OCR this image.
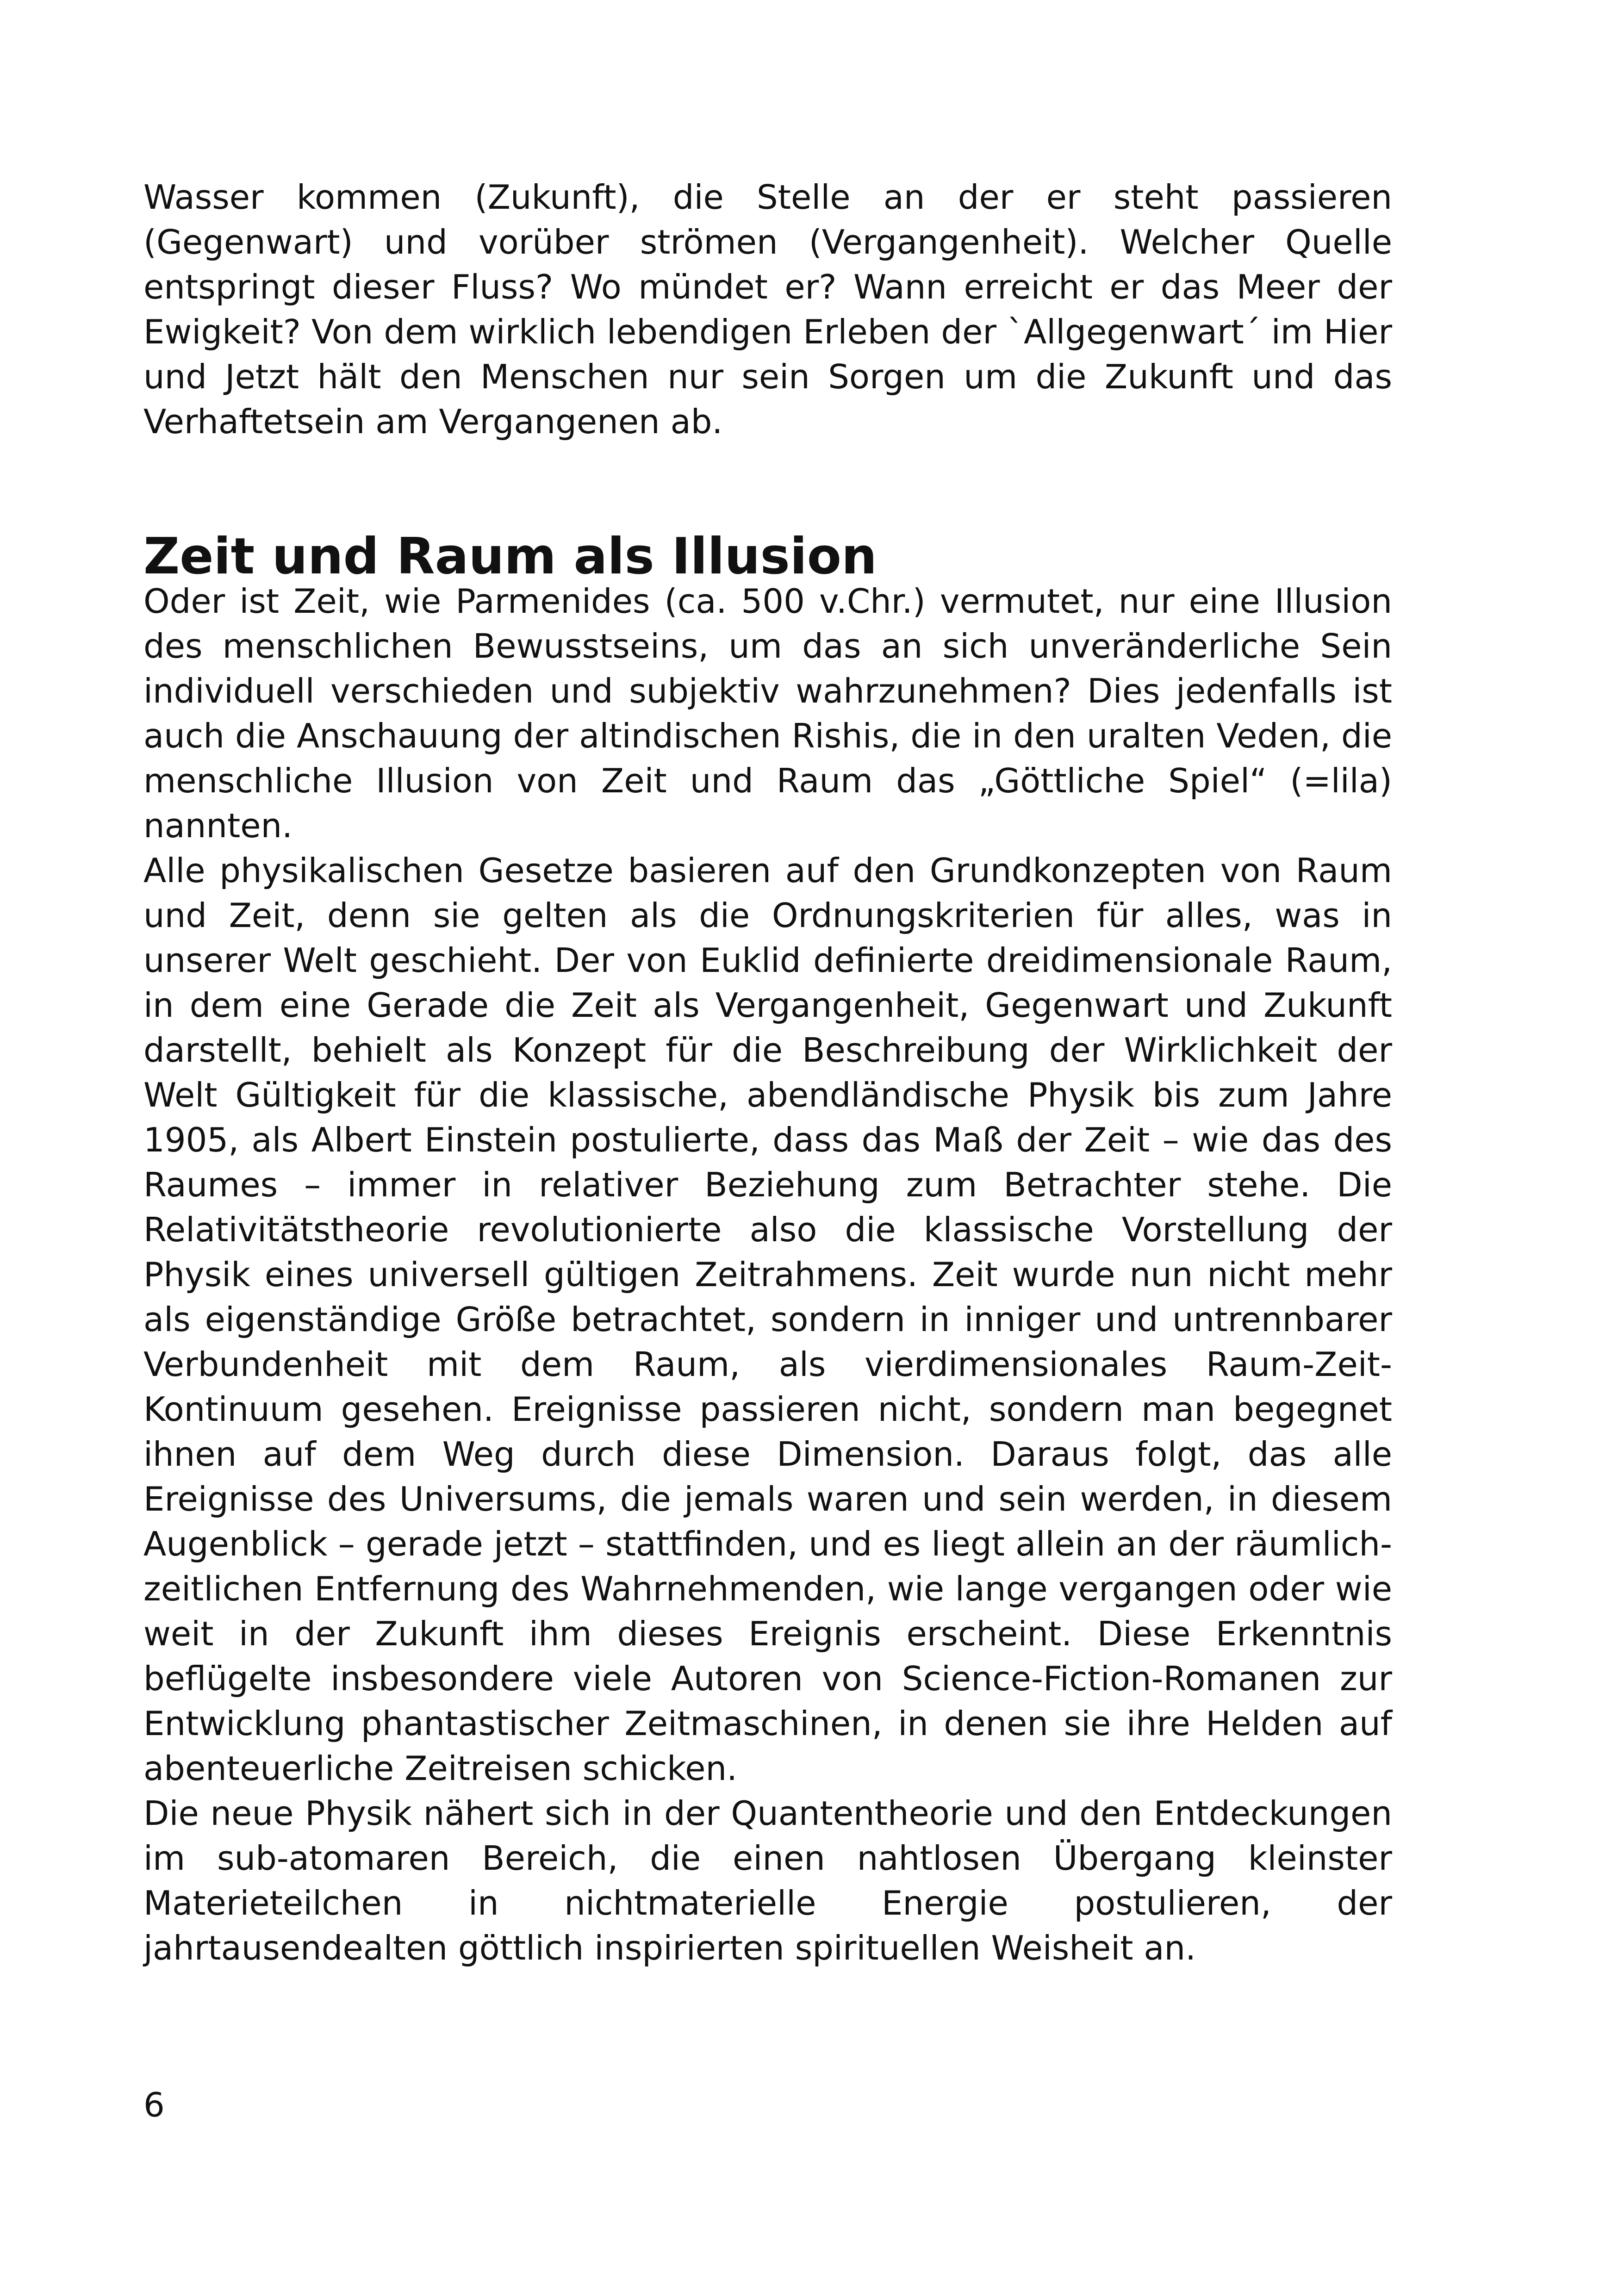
Wasser kommen (Zukunft), die Stelle an der er steht passieren (Gegenwart) und vorüber strömen (Vergangenheit). Welcher Quelle entspringt dieser Fluss? Wo mündet er? Wann erreicht er das Meer der Ewigkeit? Von dem wirklich lebendigen Erleben der `Allgegenwart´ im Hier und Jetzt hält den Menschen nur sein Sorgen um die Zukunft und das Verhaftetsein am Vergangenen ab.

Zeit und Raum als Illusion

Oder ist Zeit, wie Parmenides (ca. 500 v.Chr.) vermutet, nur eine Illusion des menschlichen Bewusstseins, um das an sich unveränderliche Sein individuell verschieden und subjektiv wahrzunehmen? Dies jedenfalls ist auch die Anschauung der altindischen Rishis, die in den uralten Veden, die menschliche Illusion von Zeit und Raum das „Göttliche Spiel“ (=lila) nannten.

Alle physikalischen Gesetze basieren auf den Grundkonzepten von Raum und Zeit, denn sie gelten als die Ordnungskriterien für alles, was in unserer Welt geschieht. Der von Euklid definierte dreidimensionale Raum, in dem eine Gerade die Zeit als Vergangenheit, Gegenwart und Zukunft darstellt, behielt als Konzept für die Beschreibung der Wirklichkeit der Welt Gültigkeit für die klassische, abendländische Physik bis zum Jahre 1905, als Albert Einstein postulierte, dass das Maß der Zeit – wie das des Raumes – immer in relativer Beziehung zum Betrachter stehe. Die Relativitätstheorie revolutionierte also die klassische Vorstellung der Physik eines universell gültigen Zeitrahmens. Zeit wurde nun nicht mehr als eigenständige Größe betrachtet, sondern in inniger und untrennbarer Verbundenheit mit dem Raum, als vierdimensionales Raum-Zeit-Kontinuum gesehen. Ereignisse passieren nicht, sondern man begegnet ihnen auf dem Weg durch diese Dimension. Daraus folgt, das alle Ereignisse des Universums, die jemals waren und sein werden, in diesem Augenblick – gerade jetzt – stattfinden, und es liegt allein an der räumlich-zeitlichen Entfernung des Wahrnehmenden, wie lange vergangen oder wie weit in der Zukunft ihm dieses Ereignis erscheint. Diese Erkenntnis beflügelte insbesondere viele Autoren von Science-Fiction-Romanen zur Entwicklung phantastischer Zeitmaschinen, in denen sie ihre Helden auf abenteuerliche Zeitreisen schicken.

Die neue Physik nähert sich in der Quantentheorie und den Entdeckungen im sub-atomaren Bereich, die einen nahtlosen Übergang kleinster Materieteilchen in nichtmaterielle Energie postulieren, der jahrtausendealten göttlich inspirierten spirituellen Weisheit an.

6
